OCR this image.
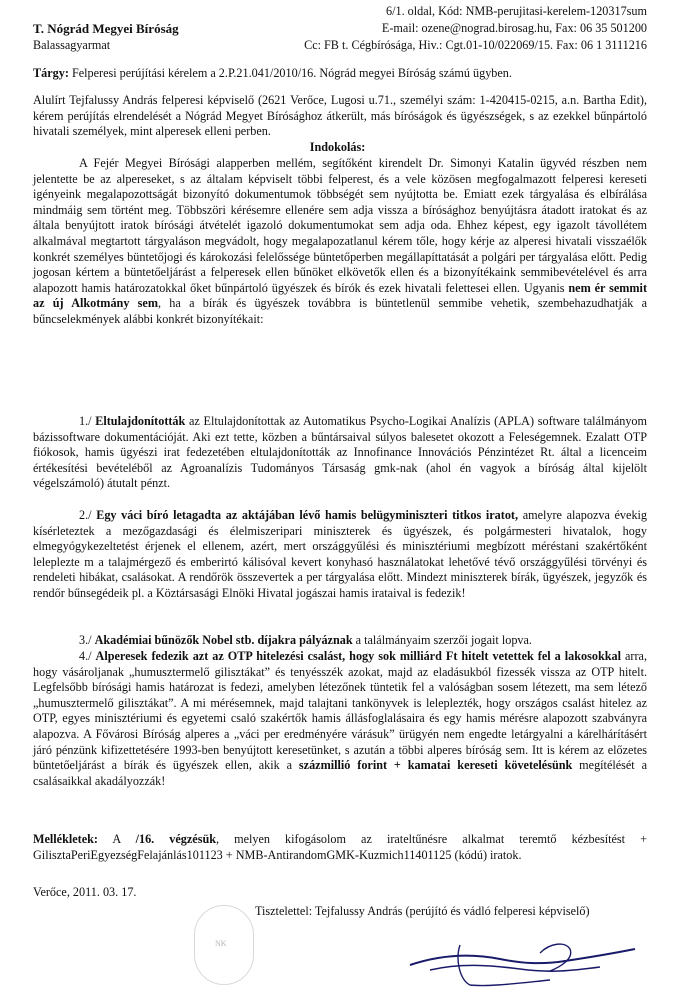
6/1. oldal, Kód: NMB-perujitasi-kerelem-120317sum
T. Nógrád Megyei Bíróság	E-mail: ozene@nograd.birosag.hu, Fax: 06 35 501200
Balassagyarmat	Cc: FB t. Cégbírósága, Hiv.: Cgt.01-10/022069/15. Fax: 06 1 3111216
Tárgy: Felperesi perújítási kérelem a 2.P.21.041/2010/16. Nógrád megyei Bíróság számú ügyben.
Alulírt Tejfalussy András felperesi képviselő (2621 Verőce, Lugosi u.71., személyi szám: 1-420415-0215, a.n. Bartha Edit), kérem perújítás elrendelését a Nógrád Megyet Bírósághoz átkerült, más bíróságok és ügyészségek, s az ezekkel bűnpártoló hivatali személyek, mint alperesek elleni perben.
Indokolás:
A Fejér Megyei Bírósági alapperben mellém, segítőként kirendelt Dr. Simonyi Katalin ügyvéd részben nem jelentette be az alpereseket, s az általam képviselt többi felperest, és a vele közösen megfogalmazott felperesi kereseti igényeink megalapozottságát bizonyító dokumentumok többségét sem nyújtotta be. Emiatt ezek tárgyalása és elbírálása mindmáig sem történt meg. Többszöri kérésemre ellenére sem adja vissza a bírósághoz benyújtásra átadott iratokat és az általa benyújtott iratok bírósági átvételét igazoló dokumentumokat sem adja oda. Ehhez képest, egy igazolt távollétem alkalmával megtartott tárgyaláson megvádolt, hogy megalapozatlanul kérem tőle, hogy kérje az alperesi hivatali visszaélők konkrét személyes büntetőjogi és károkozási felelőssége büntetőperben megállapíttatását a polgári per tárgyalása előtt. Pedig jogosan kértem a büntetőeljárást a felperesek ellen bűnöket elkövetők ellen és a bizonyítékaink semmibevételével és arra alapozott hamis határozatokkal őket bűnpártoló ügyészek és bírók és ezek hivatali felettesei ellen. Ugyanis nem ér semmit az új Alkotmány sem, ha a bírák és ügyészek továbbra is büntetlenül semmibe vehetik, szembehazudhatják a bűncselekmények alábbi konkrét bizonyítékait:
1./ Eltulajdonították az Eltulajdonítottak az Automatikus Psycho-Logikai Analízis (APLA) software találmányom bázissoftware dokumentációját. Aki ezt tette, közben a bűntársaival súlyos balesetet okozott a Feleségemnek. Ezalatt OTP fiókosok, hamis ügyészi irat fedezetében eltulajdonították az Innofinance Innovációs Pénzintézet Rt. által a licenceim értékesítési bevételéből az Agroanalízis Tudományos Társaság gmk-nak (ahol én vagyok a bíróság által kijelölt végelszámoló) átutalt pénzt.
2./ Egy váci bíró letagadta az aktájában lévő hamis belügyminiszteri titkos iratot, amelyre alapozva évekig kísérleteztek a mezőgazdasági és élelmiszeripari miniszterek és ügyészek, és polgármesteri hivatalok, hogy elmegyógykezeltetést érjenek el ellenem, azért, mert országgyűlési és minisztériumi megbízott méréstani szakértőként leleplezte m a talajmérgező és emberirtó kálisóval kevert konyhasó használatokat lehetővé tévő országgyűlési törvényi és rendeleti hibákat, csalásokat. A rendőrök összevertek a per tárgyalása előtt. Mindezt miniszterek bírák, ügyészek, jegyzők és rendőr bűnsegédeik pl. a Köztársasági Elnöki Hivatal jogászai hamis irataival is fedezik!
3./ Akadémiai bűnözők Nobel stb. díjakra pályáznak a találmányaim szerzői jogait lopva.
4./ Alperesek fedezik azt az OTP hitelezési csalást, hogy sok milliárd Ft hitelt vetettek fel a lakosokkal arra, hogy vásároljanak „humusztermelő gilisztákat” és tenyésszék azokat, majd az eladásukból fizessék vissza az OTP hitelt. Legfelsőbb bírósági hamis határozat is fedezi, amelyben létezőnek tüntetik fel a valóságban sosem létezett, ma sem létező „humusztermelő gilisztákat”. A mi mérésemnek, majd talajtani tankönyvek is leleplezték, hogy országos csalást hitelez az OTP, egyes minisztériumi és egyetemi csaló szakértők hamis állásfoglalásaira és egy hamis mérésre alapozott szabványra alapozva. A Fővárosi Bíróság alperes a „váci per eredményére várásuk” ürügyén nem engedte letárgyalni a kárelhárításért járó pénzünk kifizettetésére 1993-ben benyújtott keresetünket, s azután a többi alperes bíróság sem. Itt is kérem az előzetes büntetőeljárást a bírák és ügyészek ellen, akik a százmillió forint + kamatai kereseti követelésünk megítélését a csalásaikkal akadályozzák!
Mellékletek: A /16. végzésük, melyen kifogásolom az irateltűnésre alkalmat teremtő kézbesítést + GilisztaPeriEgyezségFelajánlás101123 + NMB-AntirandomGMK-Kuzmich11401125 (kódú) iratok.
Verőce, 2011. 03. 17.
Tisztelettel: Tejfalussy András (perújító és vádló felperesi képviselő)
NK
